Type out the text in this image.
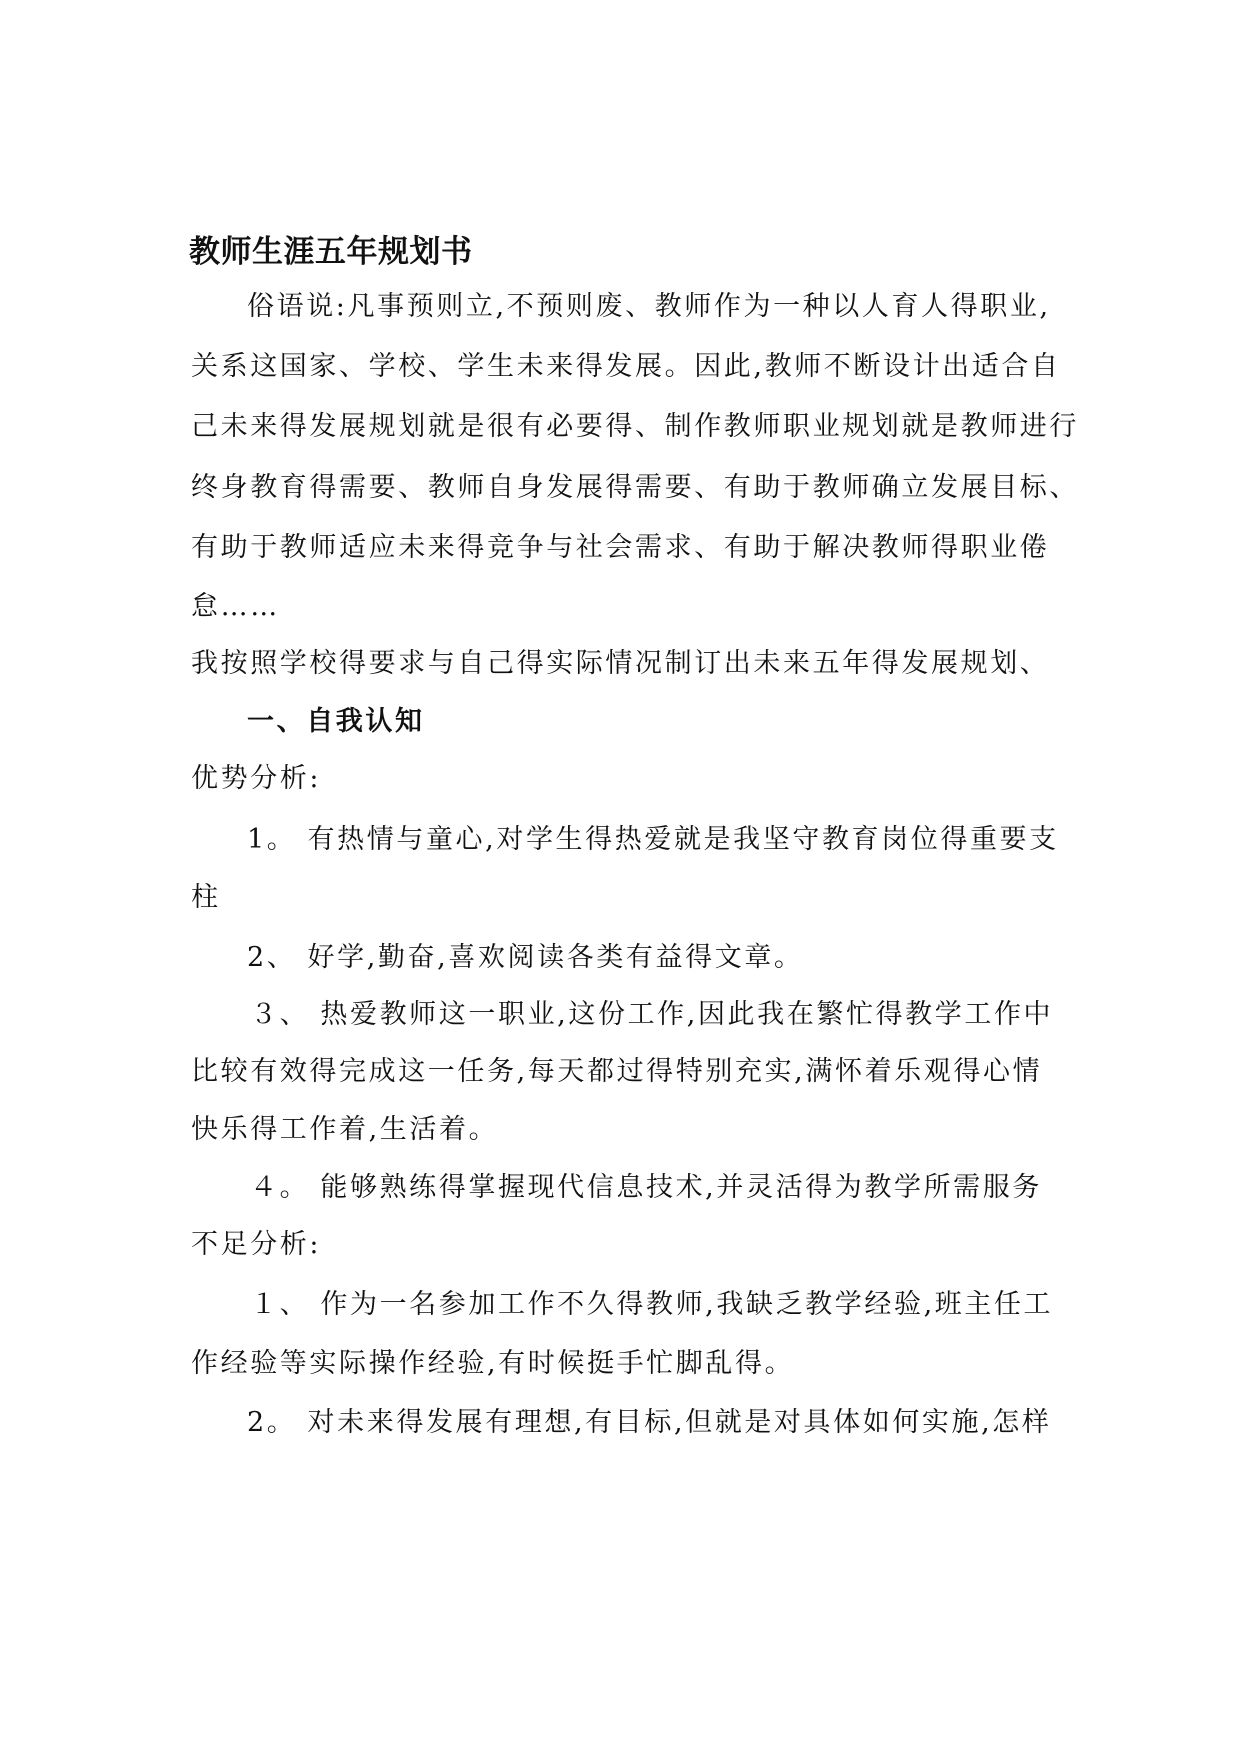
教师生涯五年规划书
俗语说:凡事预则立,不预则废、教师作为一种以人育人得职业,
关系这国家、学校、学生未来得发展。因此,教师不断设计出适合自
己未来得发展规划就是很有必要得、制作教师职业规划就是教师进行
终身教育得需要、教师自身发展得需要、有助于教师确立发展目标、
有助于教师适应未来得竞争与社会需求、有助于解决教师得职业倦
怠……
我按照学校得要求与自己得实际情况制订出未来五年得发展规划、
一、自我认知
优势分析:
1。 有热情与童心,对学生得热爱就是我坚守教育岗位得重要支
柱
2、 好学,勤奋,喜欢阅读各类有益得文章。
３、 热爱教师这一职业,这份工作,因此我在繁忙得教学工作中
比较有效得完成这一任务,每天都过得特别充实,满怀着乐观得心情
快乐得工作着,生活着。
４。 能够熟练得掌握现代信息技术,并灵活得为教学所需服务
不足分析:
１、 作为一名参加工作不久得教师,我缺乏教学经验,班主任工
作经验等实际操作经验,有时候挺手忙脚乱得。
2。 对未来得发展有理想,有目标,但就是对具体如何实施,怎样
